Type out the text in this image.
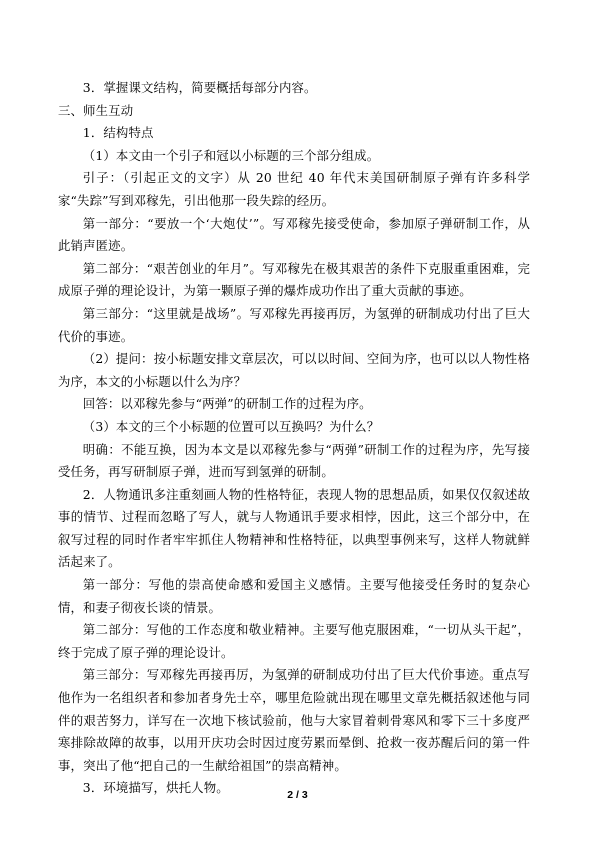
3．掌握课文结构，简要概括每部分内容。

三、师生互动

1．结构特点

（1）本文由一个引子和冠以小标题的三个部分组成。

引子：（引起正文的文字）从 20 世纪 40 年代末美国研制原子弹有许多科学家“失踪”写到邓稼先，引出他那一段失踪的经历。

第一部分：“要放一个‘大炮仗’”。写邓稼先接受使命，参加原子弹研制工作，从此销声匿迹。

第二部分：“艰苦创业的年月”。写邓稼先在极其艰苦的条件下克服重重困难，完成原子弹的理论设计，为第一颗原子弹的爆炸成功作出了重大贡献的事迹。

第三部分：“这里就是战场”。写邓稼先再接再厉，为氢弹的研制成功付出了巨大代价的事迹。

（2）提问：按小标题安排文章层次，可以以时间、空间为序，也可以以人物性格为序，本文的小标题以什么为序？

回答：以邓稼先参与“两弹”的研制工作的过程为序。

（3）本文的三个小标题的位置可以互换吗？为什么？

明确：不能互换，因为本文是以邓稼先参与“两弹”研制工作的过程为序，先写接受任务，再写研制原子弹，进而写到氢弹的研制。

2．人物通讯多注重刻画人物的性格特征，表现人物的思想品质，如果仅仅叙述故事的情节、过程而忽略了写人，就与人物通讯手要求相悖，因此，这三个部分中，在叙写过程的同时作者牢牢抓住人物精神和性格特征，以典型事例来写，这样人物就鲜活起来了。

第一部分：写他的崇高使命感和爱国主义感情。主要写他接受任务时的复杂心情，和妻子彻夜长谈的情景。

第二部分：写他的工作态度和敬业精神。主要写他克服困难，“一切从头干起”，终于完成了原子弹的理论设计。

第三部分：写邓稼先再接再厉，为氢弹的研制成功付出了巨大代价事迹。重点写他作为一名组织者和参加者身先士卒，哪里危险就出现在哪里文章先概括叙述他与同伴的艰苦努力，详写在一次地下核试验前，他与大家冒着刺骨寒风和零下三十多度严寒排除故障的故事，以用开庆功会时因过度劳累而晕倒、抢救一夜苏醒后问的第一件事，突出了他“把自己的一生献给祖国”的崇高精神。

3．环境描写，烘托人物。	2 / 3
